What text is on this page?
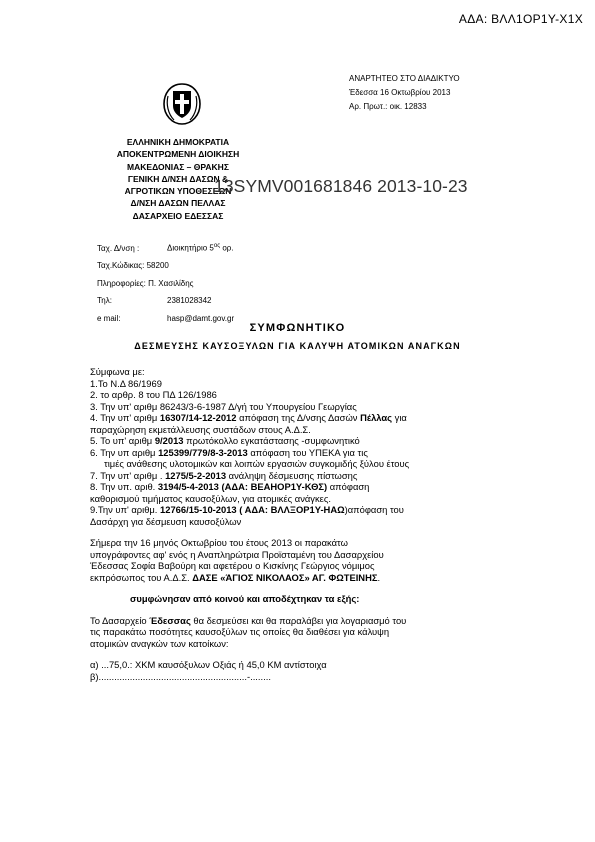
ΑΔΑ: ΒΛΛ1ΟΡ1Υ-Χ1Χ
ΑΝΑΡΤΗΤΕΟ ΣΤΟ ΔΙΑΔΙΚΤΥΟ
Έδεσσα 16 Οκτωβρίου 2013
Αρ. Πρωτ.: οικ. 12833
ΕΛΛΗΝΙΚΗ ΔΗΜΟΚΡΑΤΙΑ
ΑΠΟΚΕΝΤΡΩΜΕΝΗ ΔΙΟΙΚΗΣΗ
ΜΑΚΕΔΟΝΙΑΣ – ΘΡΑΚΗΣ
ΓΕΝΙΚΗ Δ/ΝΣΗ ΔΑΣΩΝ &
ΑΓΡΟΤΙΚΩΝ ΥΠΟΘΕΣΕΩΝ
Δ/ΝΣΗ ΔΑΣΩΝ ΠΕΛΛΑΣ
ΔΑΣΑΡΧΕΙΟ ΕΔΕΣΣΑΣ
13SYMV001681846 2013-10-23
Ταχ. Δ/νση :	Διοικητήριο $5^{o\varsigma}$ ορ.
Ταχ.Κώδικας: 58200
Πληροφορίες: Π. Χασιλίδης
Τηλ:	2381028342
e mail:	hasp@damt.gov.gr
ΣΥΜΦΩΝΗΤΙΚΟ
ΔΕΣΜΕΥΣΗΣ ΚΑΥΣΟΞΥΛΩΝ ΓΙΑ ΚΑΛΥΨΗ ΑΤΟΜΙΚΩΝ ΑΝΑΓΚΩΝ
Σύμφωνα με:
1.Το Ν.Δ 86/1969
2. το αρθρ. 8 του ΠΔ 126/1986
3. Την υπ' αριθμ 86243/3-6-1987 Δ/γή του Υπουργείου Γεωργίας
4. Την υπ' αριθμ 16307/14-12-2012 απόφαση της Δ/νσης Δασών Πέλλας για
παραχώρηση εκμετάλλευσης συστάδων στους Α.Δ.Σ.
5. Το υπ' αριθμ 9/2013 πρωτόκολλο εγκατάστασης -συμφωνητικό
6. Την υπ αριθμ 125399/779/8-3-2013 απόφαση του ΥΠΕΚΑ για τις
τιμές ανάθεσης υλοτομικών και λοιπών εργασιών συγκομιδής ξύλου έτους
7. Την υπ' αριθμ . 1275/5-2-2013 ανάληψη δέσμευσης πίστωσης
8. Την υπ. αριθ. 3194/5-4-2013 (ΑΔΑ: ΒΕΑΗΟΡ1Υ-ΚΘΣ) απόφαση
καθορισμού τιμήματος καυσοξύλων, για ατομικές ανάγκες.
9.Την υπ' αριθμ. 12766/15-10-2013 ( ΑΔΑ: ΒΛΛΞΟΡ1Υ-ΗΑΩ)απόφαση του
Δασάρχη για δέσμευση καυσοξύλων
Σήμερα την 16 μηνός Οκτωβρίου του έτους 2013 οι παρακάτω
υπογράφοντες αφ' ενός η Αναπληρώτρια Προϊσταμένη του Δασαρχείου
Έδεσσας Σοφία Βαβούρη και αφετέρου ο Κισκίνης Γεώργιος νόμιμος
εκπρόσωπος του Α.Δ.Σ. ΔΑΣΕ «ΆΓΙΟΣ ΝΙΚΟΛΑΟΣ» ΑΓ. ΦΩΤΕΙΝΗΣ.
συμφώνησαν από κοινού και αποδέχτηκαν τα εξής:
Το Δασαρχείο Έδεσσας θα δεσμεύσει και θα παραλάβει για λογαριασμό του
τις παρακάτω ποσότητες καυσοξύλων τις οποίες θα διαθέσει για κάλυψη
ατομικών αναγκών των κατοίκων:
α) ...75,0.: ΧΚΜ καυσόξυλων Οξιάς ή 45,0 ΚΜ αντίστοιχα
β).........................................................-........
